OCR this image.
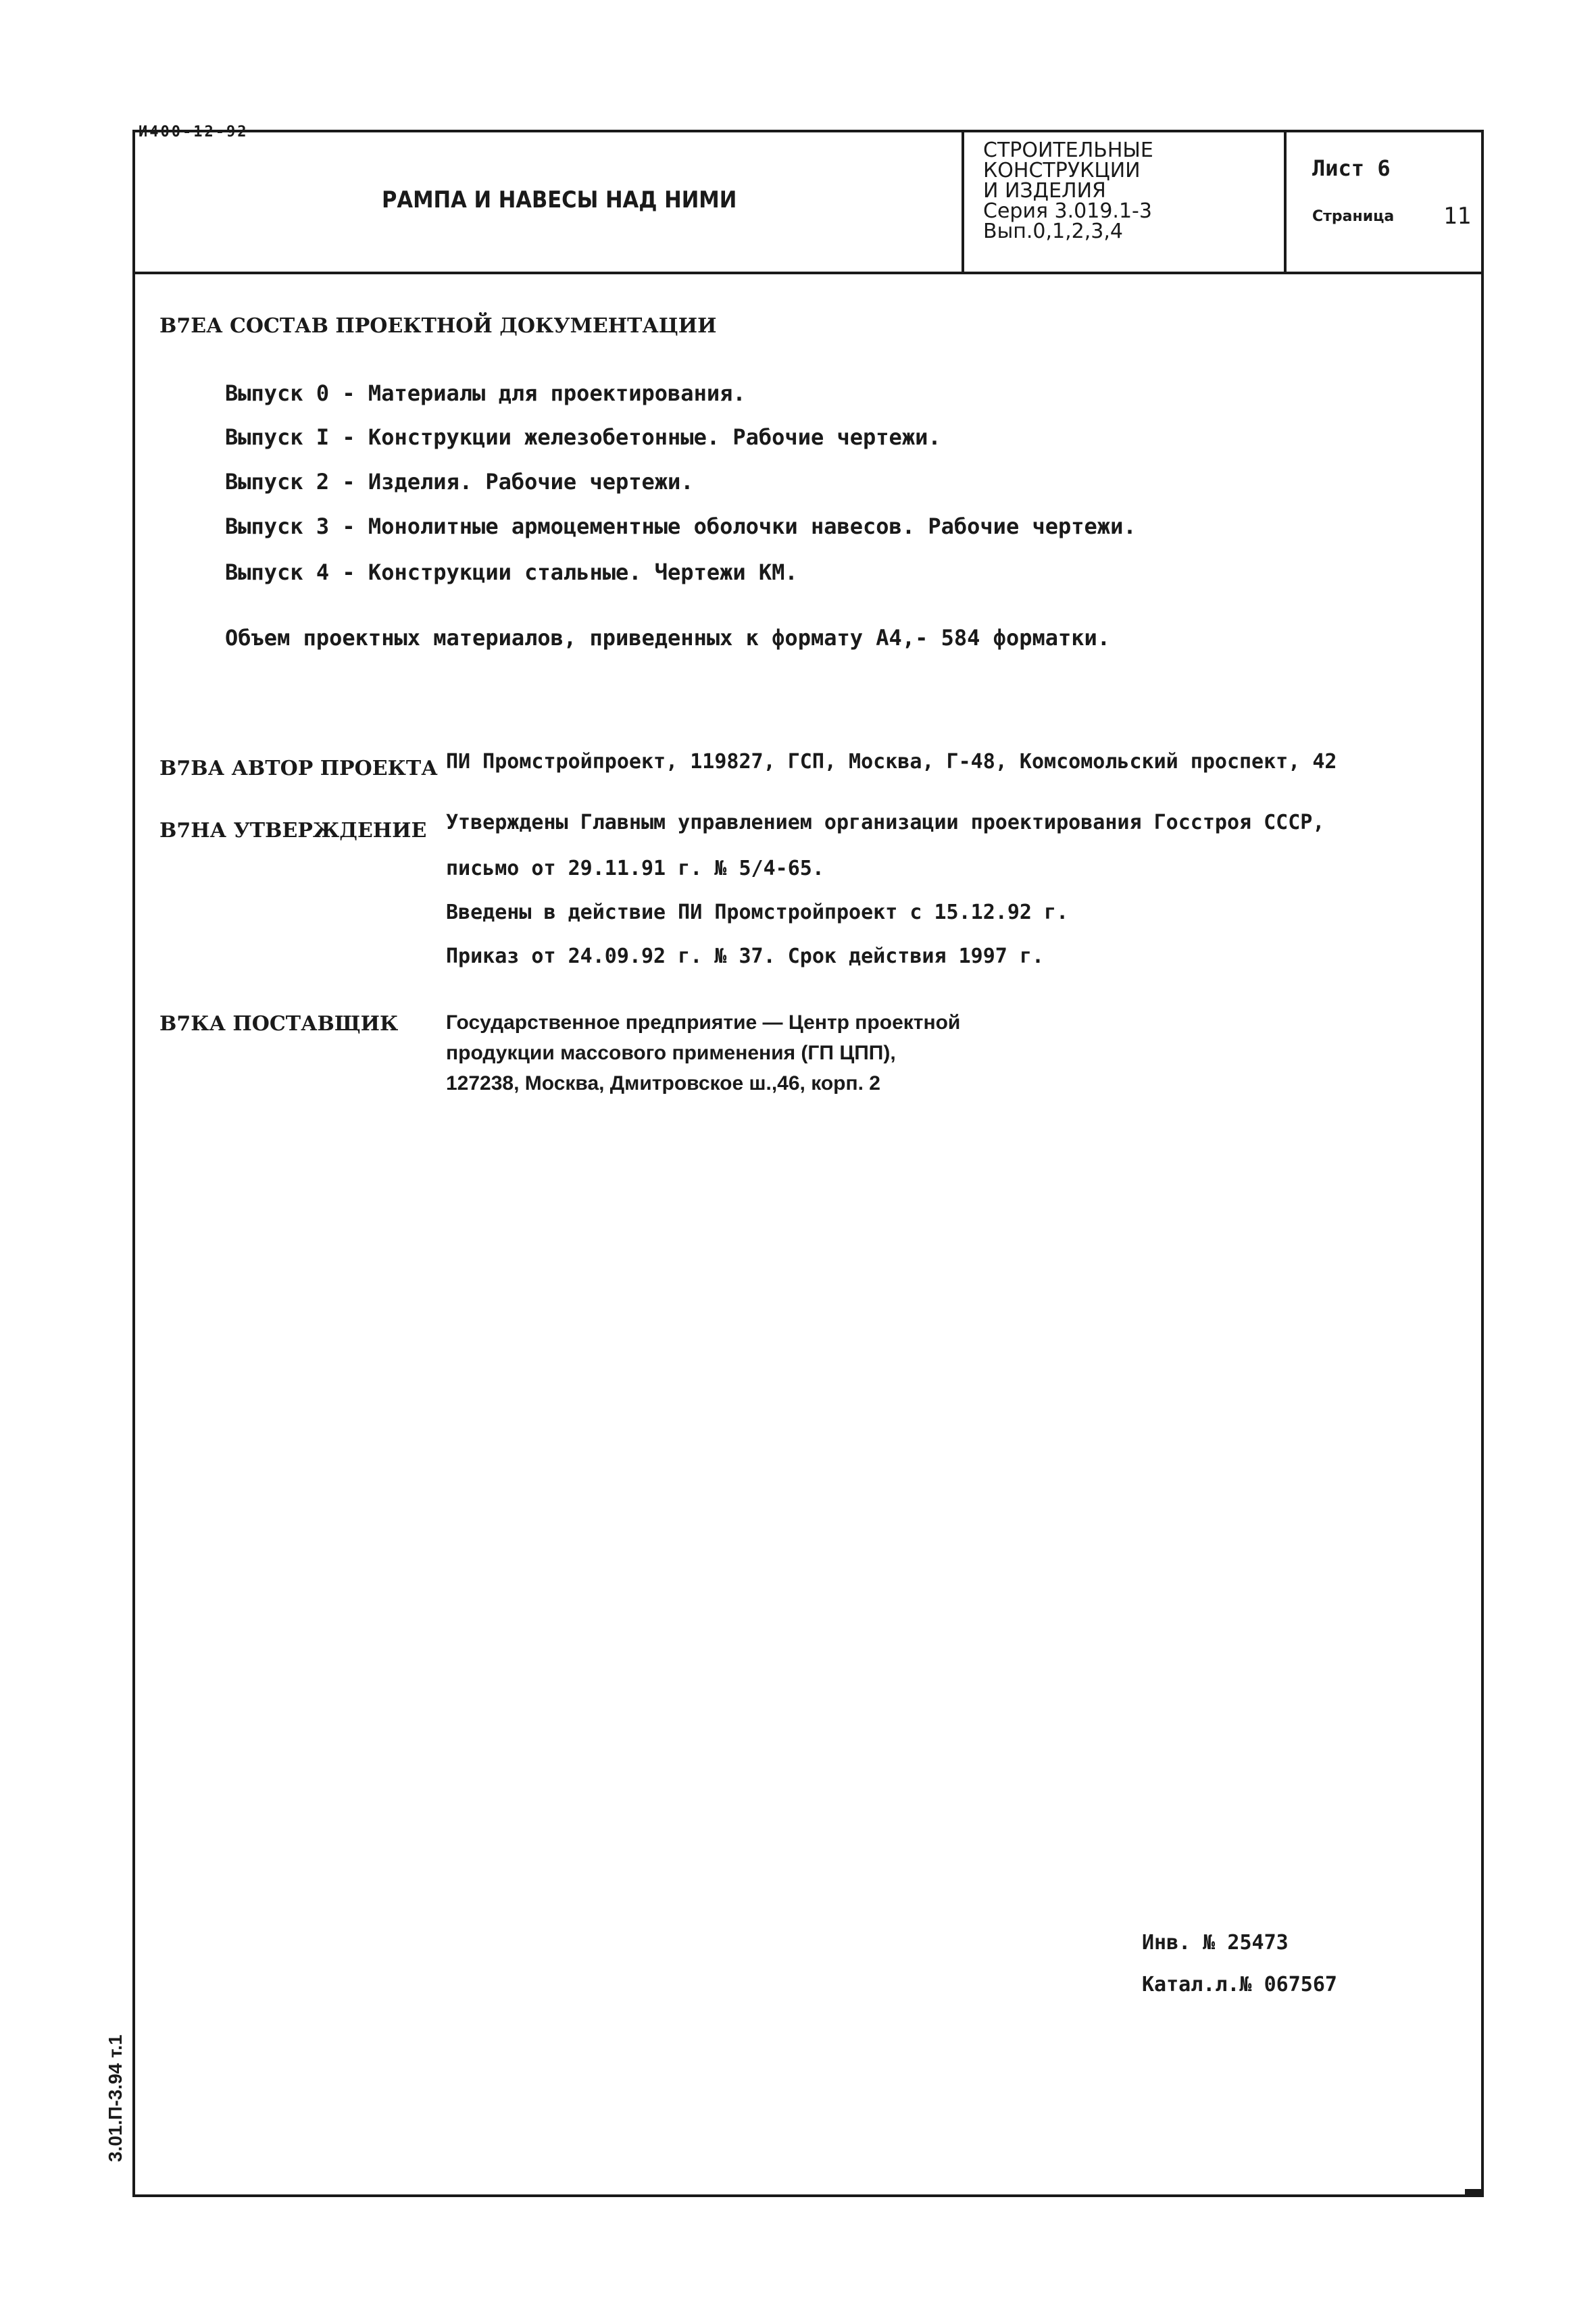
И400-12-92
РАМПА И НАВЕСЫ НАД НИМИ
СТРОИТЕЛЬНЫЕ
КОНСТРУКЦИИ
И ИЗДЕЛИЯ
Серия 3.019.1-3
Вып.0,1,2,3,4
Лист 6
Страница 11
В7ЕА СОСТАВ ПРОЕКТНОЙ ДОКУМЕНТАЦИИ
Выпуск 0 - Материалы для проектирования.
Выпуск I - Конструкции железобетонные. Рабочие чертежи.
Выпуск 2 - Изделия. Рабочие чертежи.
Выпуск 3 - Монолитные армоцементные оболочки навесов. Рабочие чертежи.
Выпуск 4 - Конструкции стальные. Чертежи КМ.
Объем проектных материалов, приведенных к формату А4,- 584 форматки.
В7ВА АВТОР ПРОЕКТА ПИ Промстройпроект, 119827, ГСП, Москва, Г-48, Комсомольский проспект, 42
В7НА УТВЕРЖДЕНИЕ Утверждены Главным управлением организации проектирования Госстроя СССР,
письмо от 29.11.91 г. № 5/4-65.
Введены в действие ПИ Промстройпроект с 15.12.92 г.
Приказ от 24.09.92 г. № 37. Срок действия 1997 г.
В7КА ПОСТАВЩИК Государственное предприятие — Центр проектной
продукции массового применения (ГП ЦПП),
127238, Москва, Дмитровское ш.,46, корп. 2
Инв. № 25473
Катал.л.№ 067567
3.01.П-3.94 т.1
